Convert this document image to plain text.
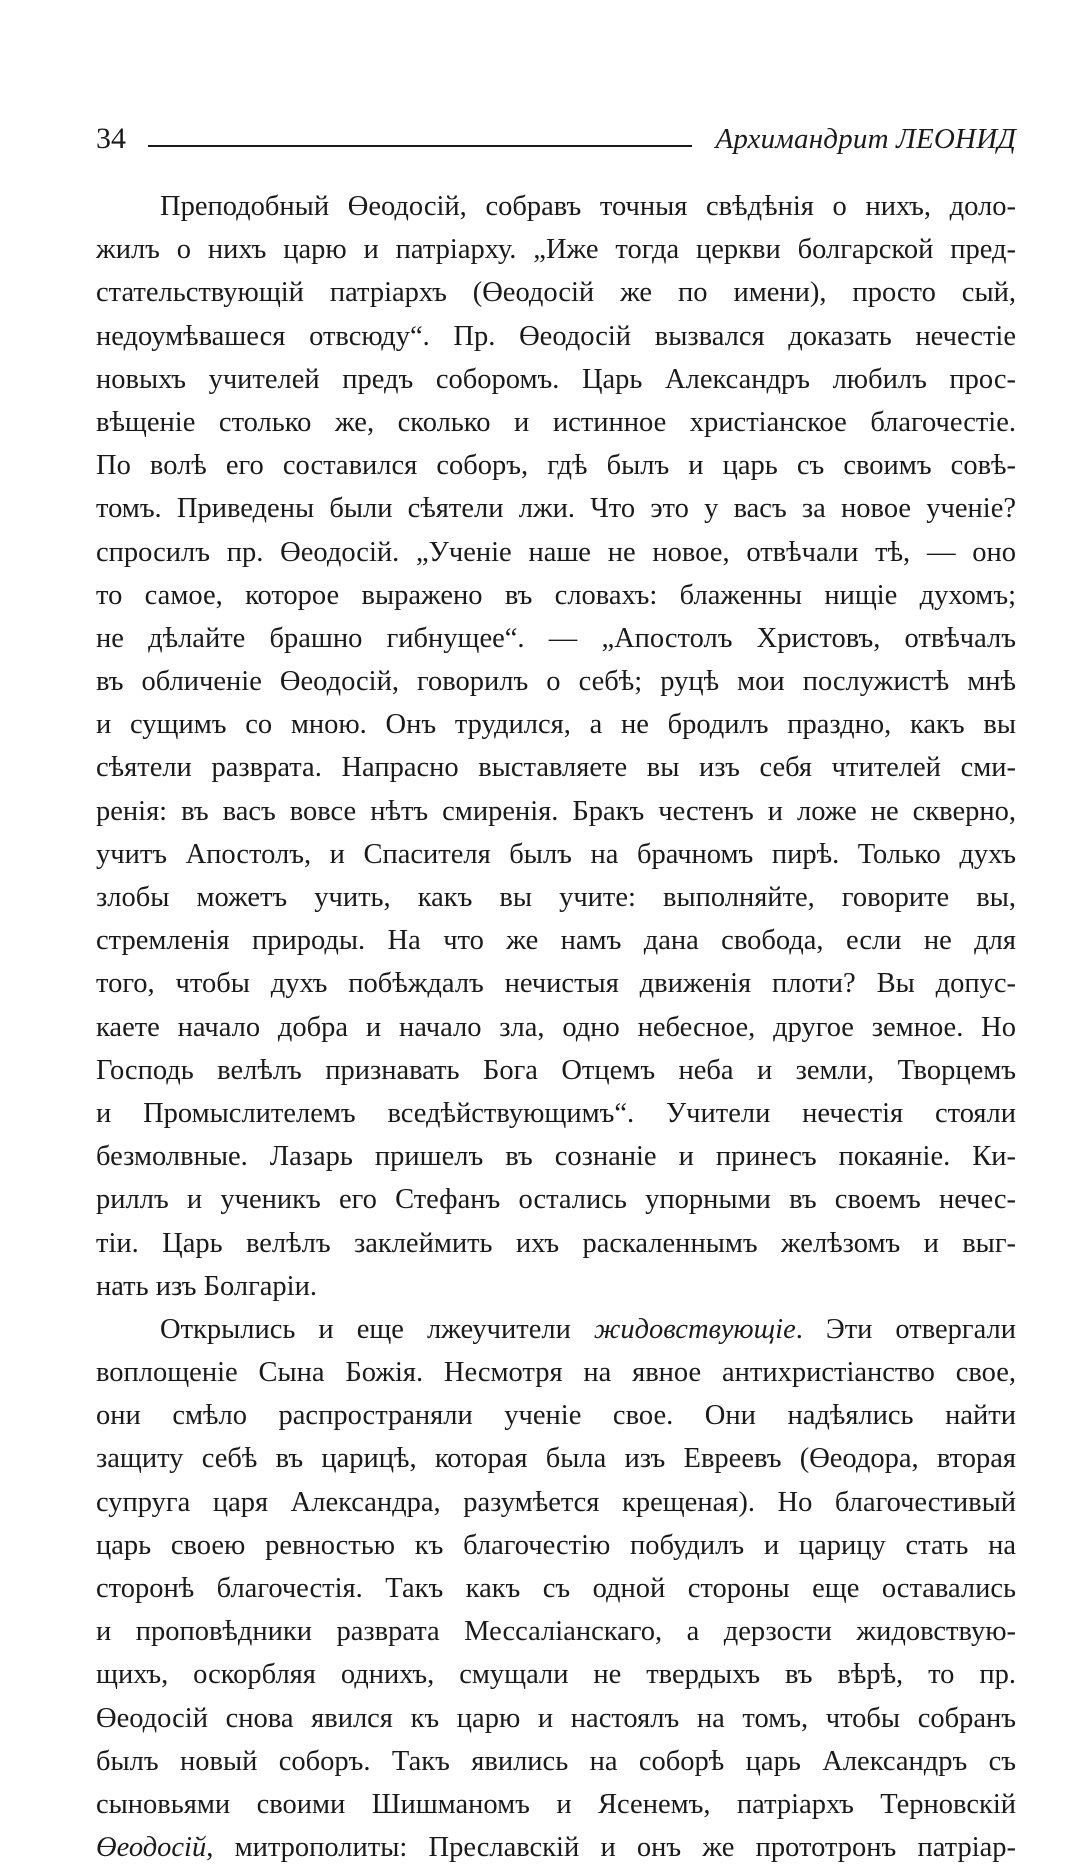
34	Архимандрит ЛЕОНИД
Преподобный Өеодосій, собравъ точныя свѣдѣнія о нихъ, доло-
жилъ о нихъ царю и патріарху. „Иже тогда церкви болгарской пред-
стательствующій патріархъ (Өеодосій же по имени), просто сый,
недоумѣвашеся отвсюду“. Пр. Өеодосій вызвался доказать нечестіе
новыхъ учителей предъ соборомъ. Царь Александръ любилъ прос-
вѣщеніе столько же, сколько и истинное христіанское благочестіе.
По волѣ его составился соборъ, гдѣ былъ и царь съ своимъ совѣ-
томъ. Приведены были сѣятели лжи. Что это у васъ за новое ученіе?
спросилъ пр. Өеодосій. „Ученіе наше не новое, отвѣчали тѣ, — оно
то самое, которое выражено въ словахъ: блаженны нищіе духомъ;
не дѣлайте брашно гибнущее“. — „Апостолъ Христовъ, отвѣчалъ
въ обличеніе Өеодосій, говорилъ о себѣ; руцѣ мои послужистѣ мнѣ
и сущимъ со мною. Онъ трудился, а не бродилъ праздно, какъ вы
сѣятели разврата. Напрасно выставляете вы изъ себя чтителей сми-
ренія: въ васъ вовсе нѣтъ смиренія. Бракъ честенъ и ложе не скверно,
учитъ Апостолъ, и Спасителя былъ на брачномъ пирѣ. Только духъ
злобы можетъ учить, какъ вы учите: выполняйте, говорите вы,
стремленія природы. На что же намъ дана свобода, если не для
того, чтобы духъ побѣждалъ нечистыя движенія плоти? Вы допус-
каете начало добра и начало зла, одно небесное, другое земное. Но
Господь велѣлъ признавать Бога Отцемъ неба и земли, Творцемъ
и Промыслителемъ вседѣйствующимъ“. Учители нечестія стояли
безмолвные. Лазарь пришелъ въ сознаніе и принесъ покаяніе. Ки-
риллъ и ученикъ его Стефанъ остались упорными въ своемъ нечес-
тіи. Царь велѣлъ заклеймить ихъ раскаленнымъ желѣзомъ и выг-
нать изъ Болгаріи.
Открылись и еще лжеучители жидовствующіе. Эти отвергали
воплощеніе Сына Божія. Несмотря на явное антихристіанство свое,
они смѣло распространяли ученіе свое. Они надѣялись найти
защиту себѣ въ царицѣ, которая была изъ Евреевъ (Өеодора, вторая
супруга царя Александра, разумѣется крещеная). Но благочестивый
царь своею ревностью къ благочестію побудилъ и царицу стать на
сторонѣ благочестія. Такъ какъ съ одной стороны еще оставались
и проповѣдники разврата Мессаліанскаго, а дерзости жидовствую-
щихъ, оскорбляя однихъ, смущали не твердыхъ въ вѣрѣ, то пр.
Өеодосій снова явился къ царю и настоялъ на томъ, чтобы собранъ
былъ новый соборъ. Такъ явились на соборѣ царь Александръ съ
сыновьями своими Шишманомъ и Ясенемъ, патріархъ Терновскій
Өеодосій, митрополиты: Преславскій и онъ же прототронъ патріар-
